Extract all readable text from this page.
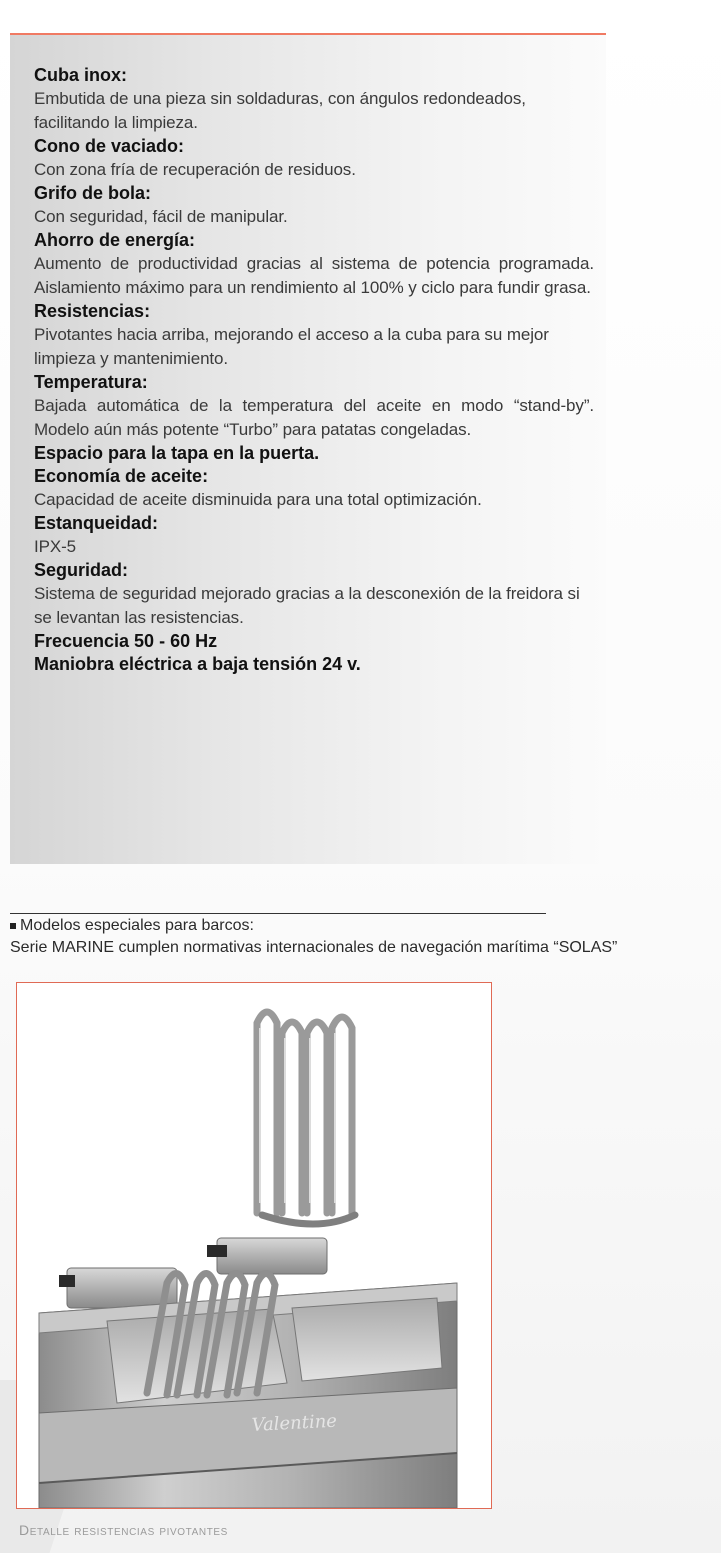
Cuba inox:
Embutida de una pieza sin soldaduras, con ángulos redondeados, facilitando la limpieza.
Cono de vaciado:
Con zona fría de recuperación de residuos.
Grifo de bola:
Con seguridad, fácil de manipular.
Ahorro de energía:
Aumento de productividad gracias al sistema de potencia programada. Aislamiento máximo para un rendimiento al 100% y ciclo para fundir grasa.
Resistencias:
Pivotantes hacia arriba, mejorando el acceso a la cuba para su mejor limpieza y mantenimiento.
Temperatura:
Bajada automática de la temperatura del aceite en modo “stand-by”. Modelo aún más potente “Turbo” para patatas congeladas.
Espacio para la tapa en la puerta.
Economía de aceite:
Capacidad de aceite disminuida para una total optimización.
Estanqueidad:
IPX-5
Seguridad:
Sistema de seguridad mejorado gracias a la desconexión de la freidora si se levantan las resistencias.
Frecuencia 50 - 60 Hz
Maniobra eléctrica a baja tensión 24 v.
Modelos especiales para barcos:
Serie MARINE cumplen normativas internacionales de navegación marítima “SOLAS”
Valentine
Detalle resistencias pivotantes
